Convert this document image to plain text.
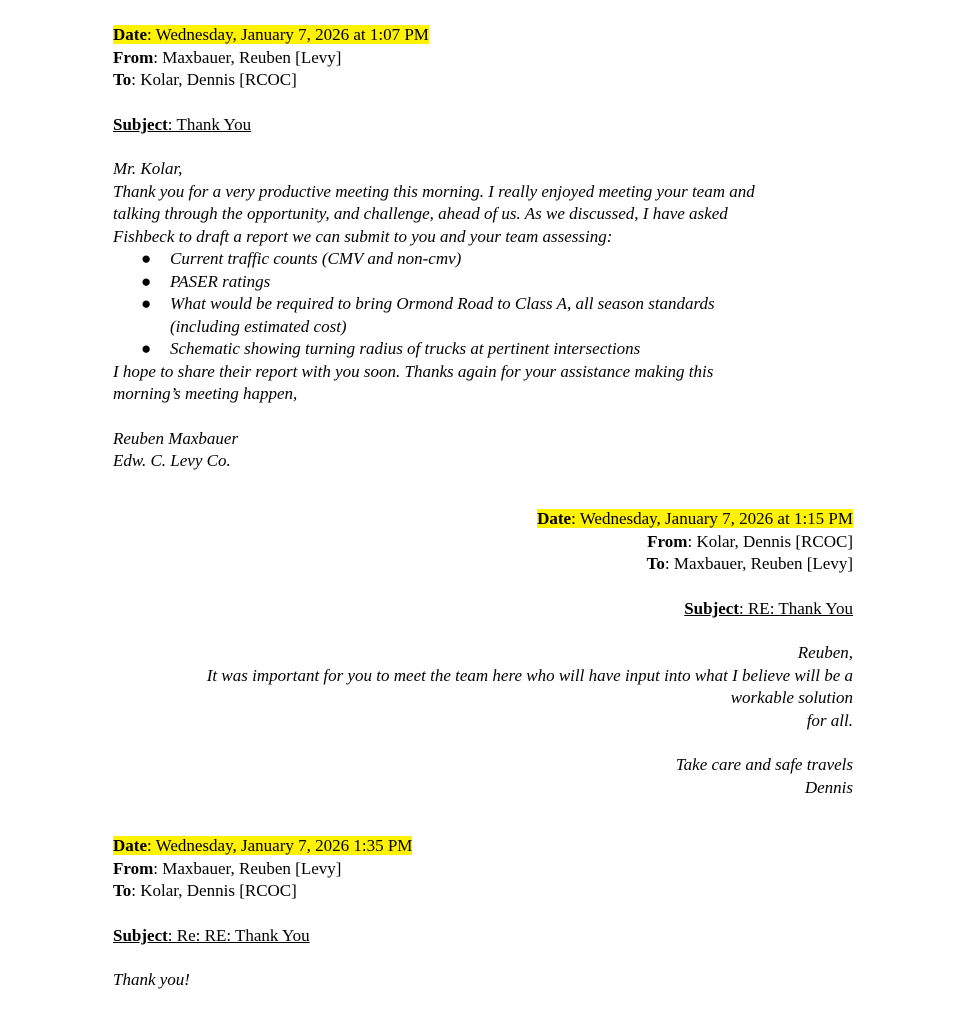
Date: Wednesday, January 7, 2026 at 1:07 PM
From: Maxbauer, Reuben [Levy]
To: Kolar, Dennis [RCOC]
Subject: Thank You
Mr. Kolar,
Thank you for a very productive meeting this morning. I really enjoyed meeting your team and
talking through the opportunity, and challenge, ahead of us. As we discussed, I have asked
Fishbeck to draft a report we can submit to you and your team assessing:
● Current traffic counts (CMV and non-cmv)
● PASER ratings
● What would be required to bring Ormond Road to Class A, all season standards
(including estimated cost)
● Schematic showing turning radius of trucks at pertinent intersections
I hope to share their report with you soon. Thanks again for your assistance making this
morning’s meeting happen,
Reuben Maxbauer
Edw. C. Levy Co.
Date: Wednesday, January 7, 2026 at 1:15 PM
From: Kolar, Dennis [RCOC]
To: Maxbauer, Reuben [Levy]
Subject: RE: Thank You
Reuben,
It was important for you to meet the team here who will have input into what I believe will be a
workable solution
for all.
Take care and safe travels
Dennis
Date: Wednesday, January 7, 2026 1:35 PM
From: Maxbauer, Reuben [Levy]
To: Kolar, Dennis [RCOC]
Subject: Re: RE: Thank You
Thank you!
